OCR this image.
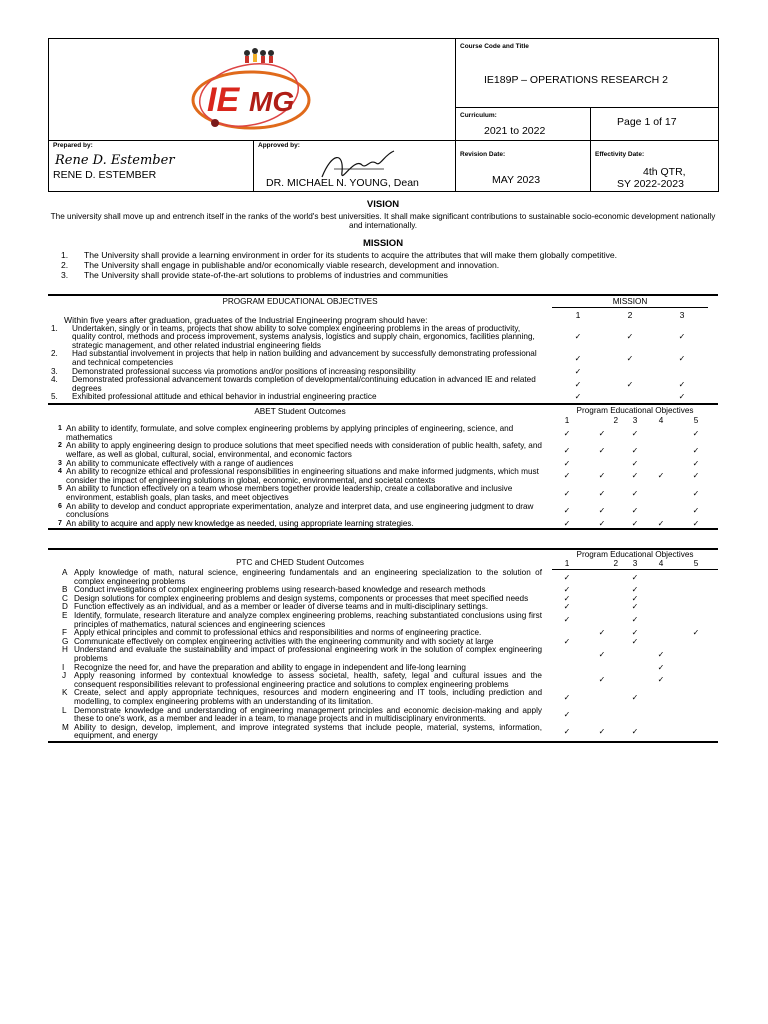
IE MG		Course Code and Title
IE189P – OPERATIONS RESEARCH 2	

		Curriculum:
2021 to 2022	Page 1 of 17

Prepared by:
Rene D. Estember
RENE D. ESTEMBER	Approved by:
DR. MICHAEL N. YOUNG, Dean	Revision Date:
MAY 2023	Effectivity Date:
4th QTR,
SY 2022-2023

VISION

The university shall move up and entrench itself in the ranks of the world's best universities. It shall make significant contributions to sustainable socio-economic development nationally and internationally.

MISSION

1. The University shall provide a learning environment in order for its students to acquire the attributes that will make them globally competitive.
2. The University shall engage in publishable and/or economically viable research, development and innovation.
3. The University shall provide state-of-the-art solutions to problems of industries and communities
PROGRAM EDUCATIONAL OBJECTIVES		MISSION			
Within five years after graduation, graduates of the Industrial Engineering program should have:		1	2	3	
1.	Undertaken, singly or in teams, projects that show ability to solve complex engineering problems in the areas of productivity, quality control, methods and process improvement, systems analysis, logistics and supply chain, ergonomics, facilities planning, strategic management, and other related industrial engineering fields	✓	✓	✓	
2.	Had substantial involvement in projects that help in nation building and advancement by successfully demonstrating professional and technical competencies	✓	✓	✓	
3.	Demonstrated professional success via promotions and/or positions of increasing responsibility	✓			
4.	Demonstrated professional advancement towards completion of developmental/continuing education in advanced IE and related degrees	✓	✓	✓	
5.	Exhibited professional attitude and ethical behavior in industrial engineering practice	✓		✓	
ABET Student Outcomes		Program Educational Objectives				
		1	2	3	4	5
1	An ability to identify, formulate, and solve complex engineering problems by applying principles of engineering, science, and mathematics	✓	✓	✓		✓
2	An ability to apply engineering design to produce solutions that meet specified needs with consideration of public health, safety, and welfare, as well as global, cultural, social, environmental, and economic factors	✓	✓	✓		✓
3	An ability to communicate effectively with a range of audiences	✓		✓		✓
4	An ability to recognize ethical and professional responsibilities in engineering situations and make informed judgments, which must consider the impact of engineering solutions in global, economic, environmental, and societal contexts	✓	✓	✓	✓	✓
5	An ability to function effectively on a team whose members together provide leadership, create a collaborative and inclusive environment, establish goals, plan tasks, and meet objectives	✓	✓	✓		✓
6	An ability to develop and conduct appropriate experimentation, analyze and interpret data, and use engineering judgment to draw conclusions	✓	✓	✓		✓
7	An ability to acquire and apply new knowledge as needed, using appropriate learning strategies.	✓	✓	✓	✓	✓
PTC and CHED Student Outcomes		Program Educational Objectives				
		1	2	3	4	5
A	Apply knowledge of math, natural science, engineering fundamentals and an engineering specialization to the solution of complex engineering problems	✓		✓		
B	Conduct investigations of complex engineering problems using research-based knowledge and research methods	✓		✓		
C	Design solutions for complex engineering problems and design systems, components or processes that meet specified needs	✓		✓		
D	Function effectively as an individual, and as a member or leader of diverse teams and in multi-disciplinary settings.	✓		✓		
E	Identify, formulate, research literature and analyze complex engineering problems, reaching substantiated conclusions using first principles of mathematics, natural sciences and engineering sciences	✓		✓		
F	Apply ethical principles and commit to professional ethics and responsibilities and norms of engineering practice.		✓	✓		✓
G	Communicate effectively on complex engineering activities with the engineering community and with society at large	✓		✓		
H	Understand and evaluate the sustainability and impact of professional engineering work in the solution of complex engineering problems		✓		✓	
I	Recognize the need for, and have the preparation and ability to engage in independent and life-long learning				✓	
J	Apply reasoning informed by contextual knowledge to assess societal, health, safety, legal and cultural issues and the consequent responsibilities relevant to professional engineering practice and solutions to complex engineering problems		✓		✓	
K	Create, select and apply appropriate techniques, resources and modern engineering and IT tools, including prediction and modelling, to complex engineering problems with an understanding of its limitation.	✓		✓		
L	Demonstrate knowledge and understanding of engineering management principles and economic decision-making and apply these to one's work, as a member and leader in a team, to manage projects and in multidisciplinary environments.	✓				
M	Ability to design, develop, implement, and improve integrated systems that include people, material, systems, information, equipment, and energy	✓	✓	✓		
